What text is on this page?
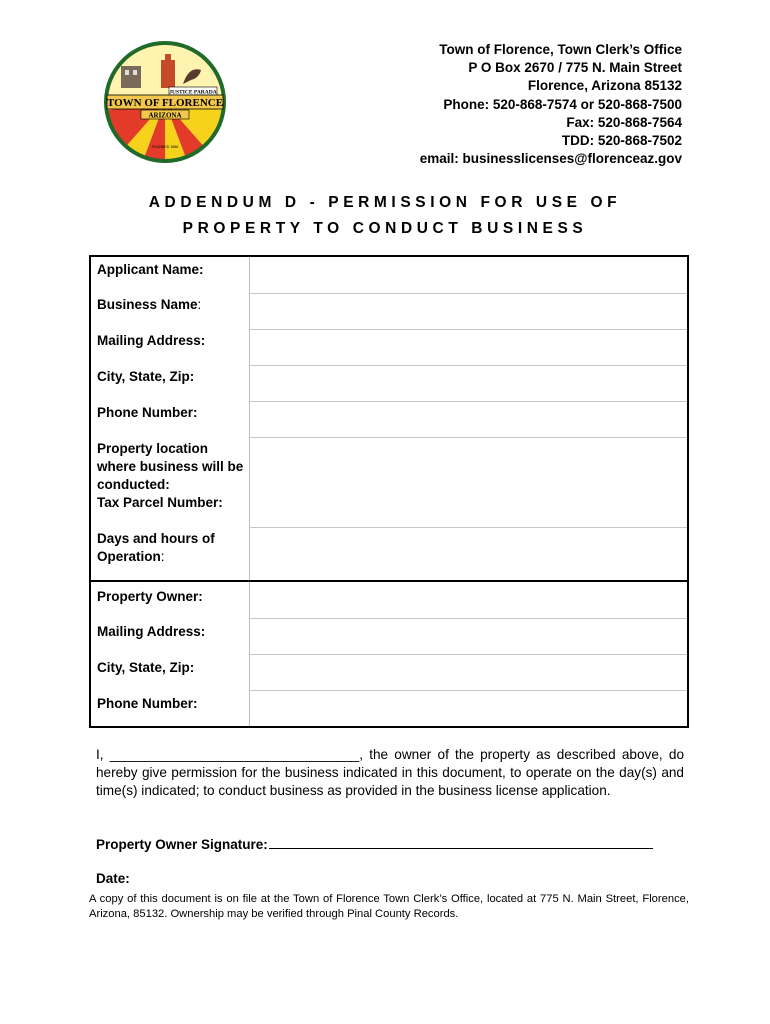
JUSTICE PARADA
TOWN OF FLORENCE
ARIZONA
FOUNDED 1866
Town of Florence, Town Clerk’s Office
P O Box 2670 / 775 N. Main Street
Florence, Arizona 85132
Phone: 520-868-7574 or 520-868-7500
Fax: 520-868-7564
TDD: 520-868-7502
email: businesslicenses@florenceaz.gov
ADDENDUM D - PERMISSION FOR USE OF
PROPERTY TO CONDUCT BUSINESS
Applicant Name:
Business Name:
Mailing Address:
City, State, Zip:
Phone Number:
Property location where business will be conducted:
Tax Parcel Number:
Days and hours of Operation:
Property Owner:
Mailing Address:
City, State, Zip:
Phone Number:
I, _________________________________, the owner of the property as described above, do hereby give permission for the business indicated in this document, to operate on the day(s) and time(s) indicated; to conduct business as provided in the business license application.
Property Owner Signature:
Date:
A copy of this document is on file at the Town of Florence Town Clerk’s Office, located at 775 N. Main Street, Florence, Arizona, 85132. Ownership may be verified through Pinal County Records.
